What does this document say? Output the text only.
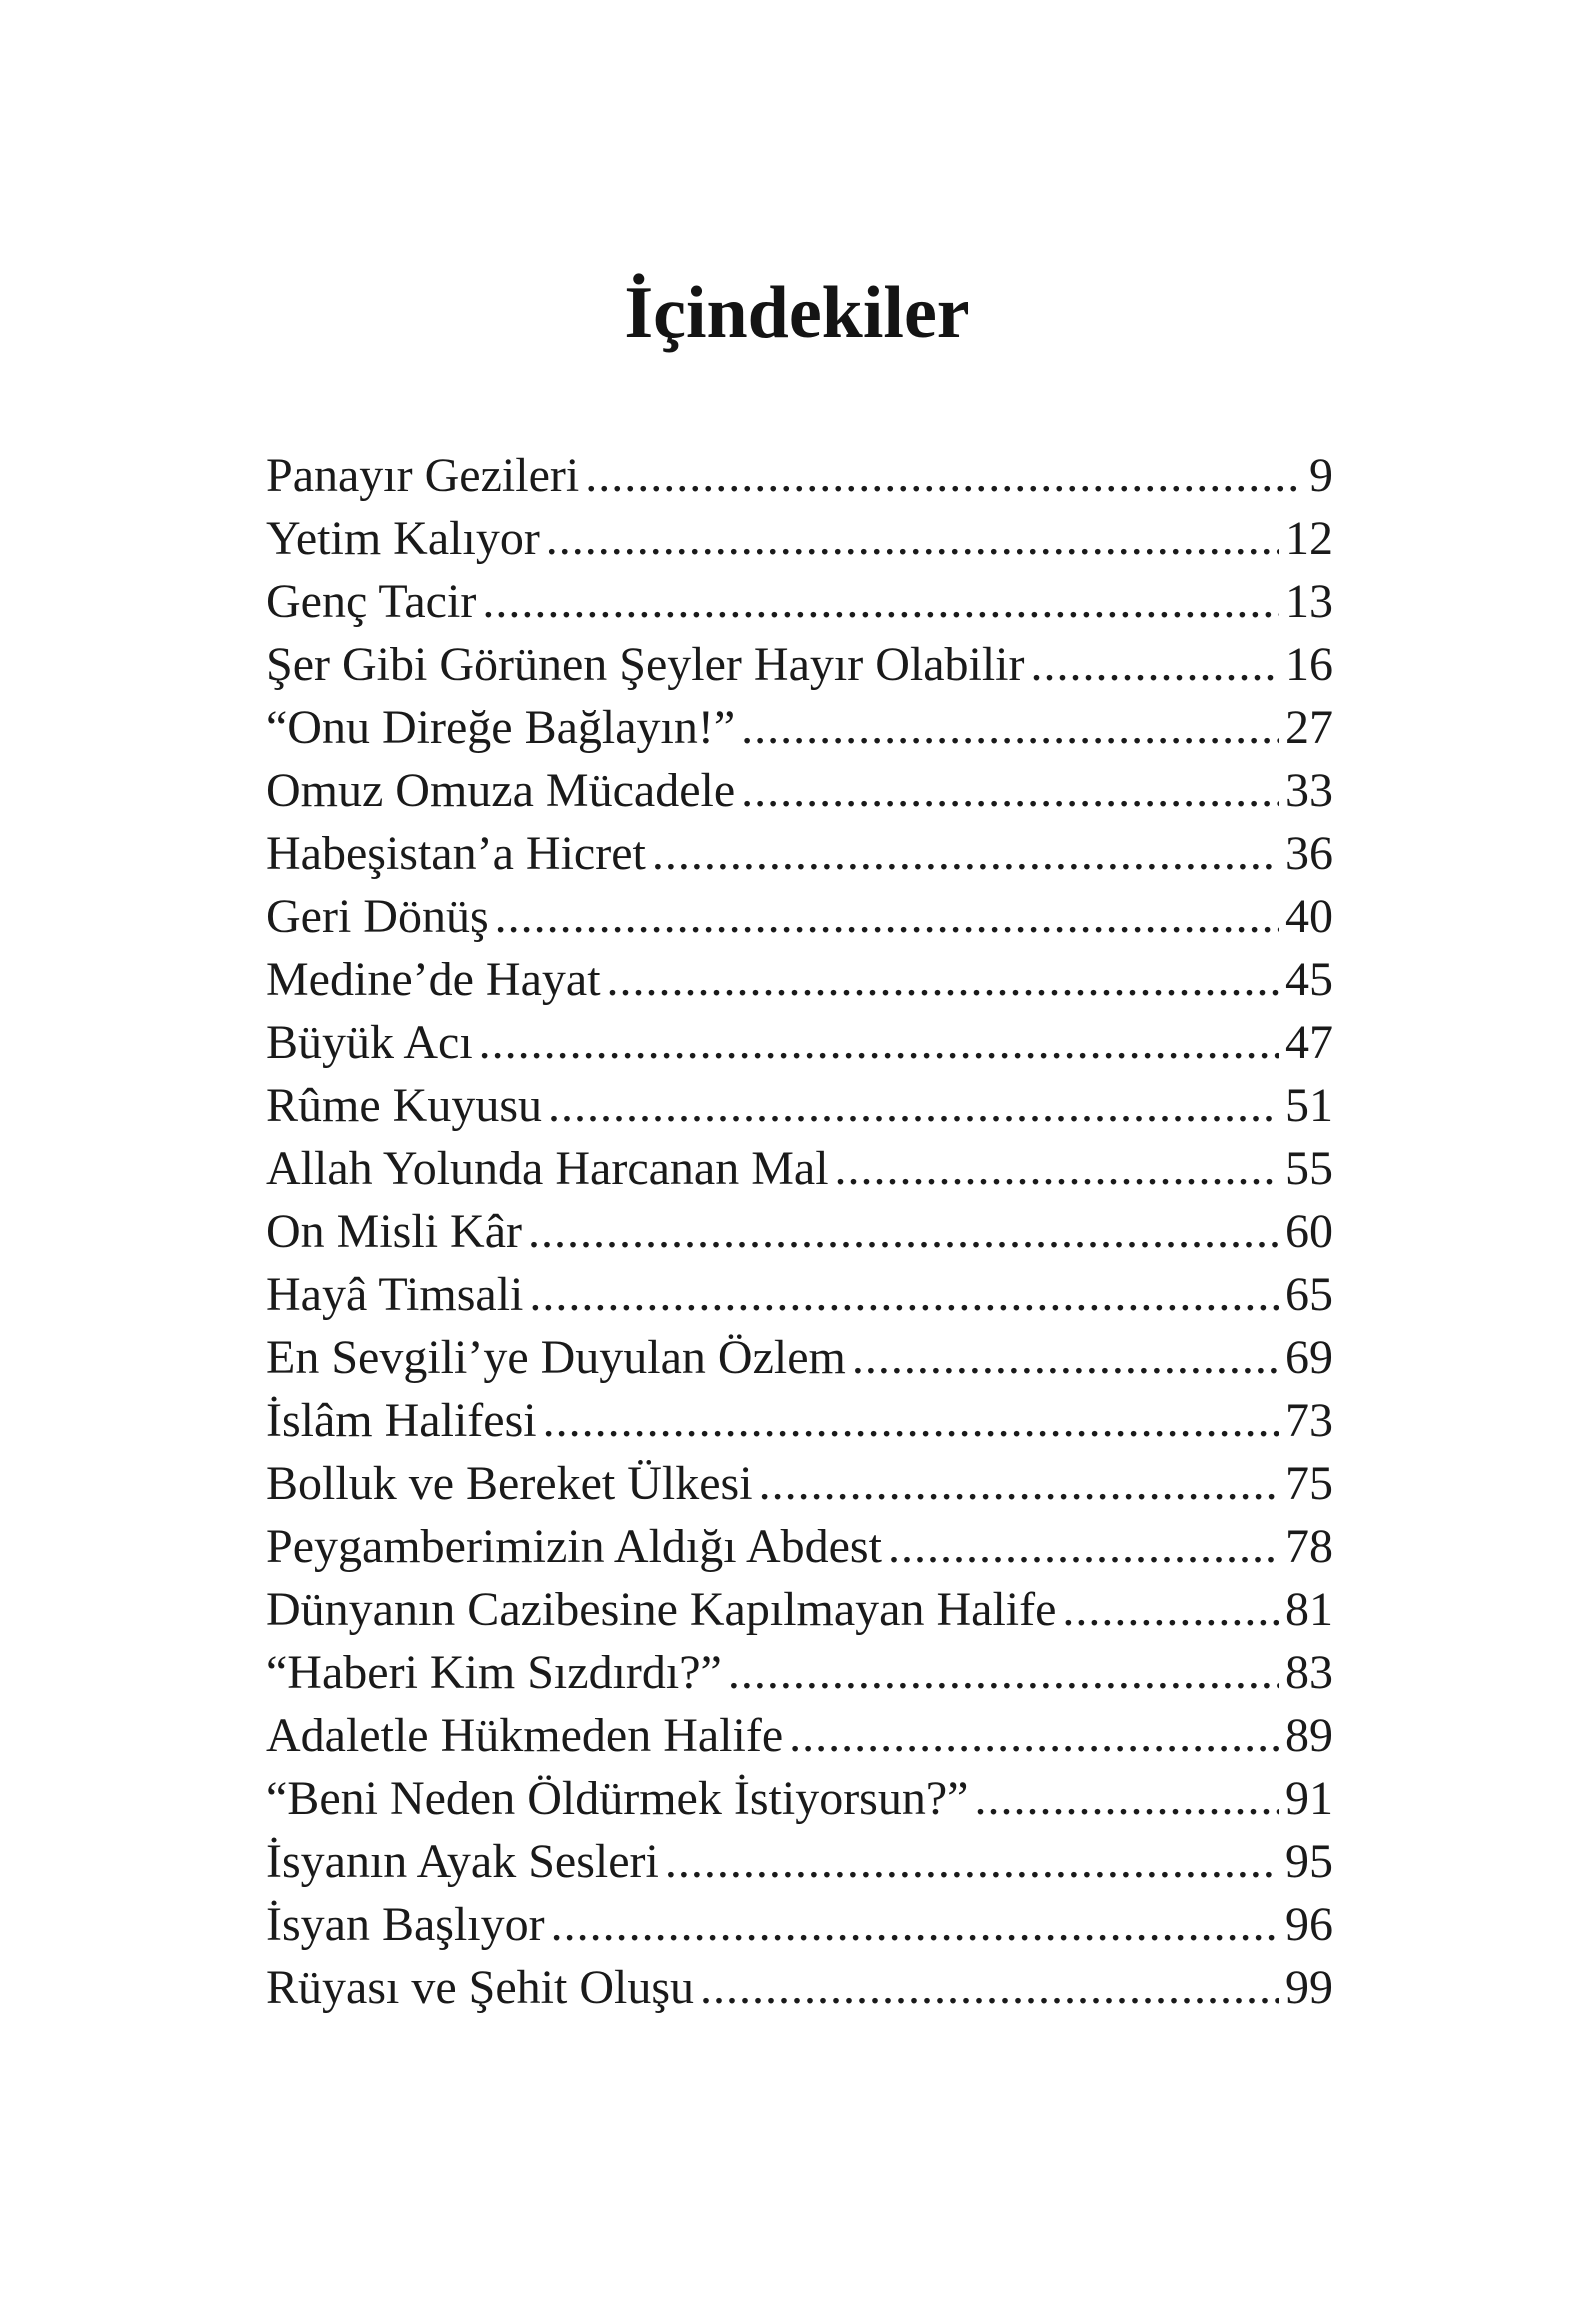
İçindekiler
Panayır Gezileri .....	9
Yetim Kalıyor .....	12
Genç Tacir .....	13
Şer Gibi Görünen Şeyler Hayır Olabilir .....	16
“Onu Direğe Bağlayın!” .....	27
Omuz Omuza Mücadele .....	33
Habeşistan’a Hicret .....	36
Geri Dönüş .....	40
Medine’de Hayat .....	45
Büyük Acı .....	47
Rûme Kuyusu .....	51
Allah Yolunda Harcanan Mal .....	55
On Misli Kâr .....	60
Hayâ Timsali .....	65
En Sevgili’ye Duyulan Özlem .....	69
İslâm Halifesi .....	73
Bolluk ve Bereket Ülkesi .....	75
Peygamberimizin Aldığı Abdest .....	78
Dünyanın Cazibesine Kapılmayan Halife .....	81
“Haberi Kim Sızdırdı?” .....	83
Adaletle Hükmeden Halife .....	89
“Beni Neden Öldürmek İstiyorsun?” .....	91
İsyanın Ayak Sesleri .....	95
İsyan Başlıyor .....	96
Rüyası ve Şehit Oluşu .....	99
